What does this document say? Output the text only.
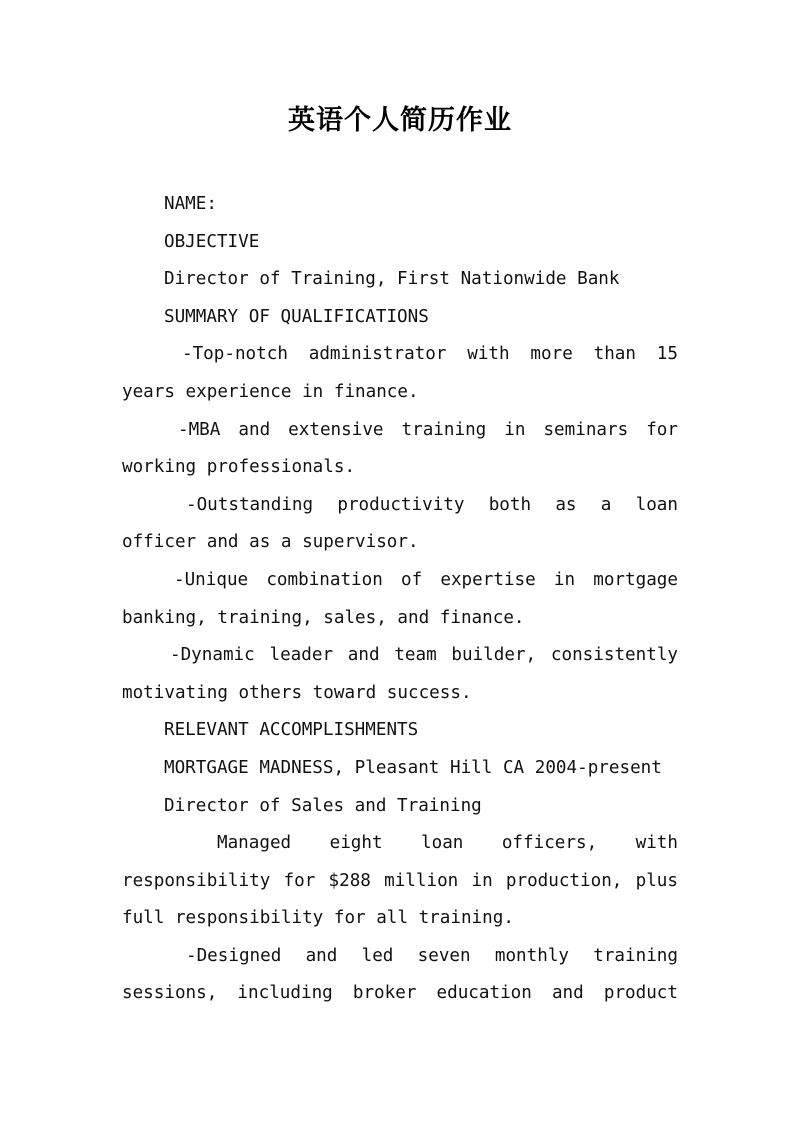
英语个人简历作业
NAME:
OBJECTIVE
Director of Training, First Nationwide Bank
SUMMARY OF QUALIFICATIONS
-Top-notch administrator with more than 15
years experience in finance.
-MBA and extensive training in seminars for
working professionals.
-Outstanding productivity both as a loan
officer and as a supervisor.
-Unique combination of expertise in mortgage
banking, training, sales, and finance.
-Dynamic leader and team builder, consistently
motivating others toward success.
RELEVANT ACCOMPLISHMENTS
MORTGAGE MADNESS, Pleasant Hill CA 2004-present
Director of Sales and Training
Managed eight loan officers, with
responsibility for $288 million in production, plus
full responsibility for all training.
-Designed and led seven monthly training
sessions, including broker education and product
